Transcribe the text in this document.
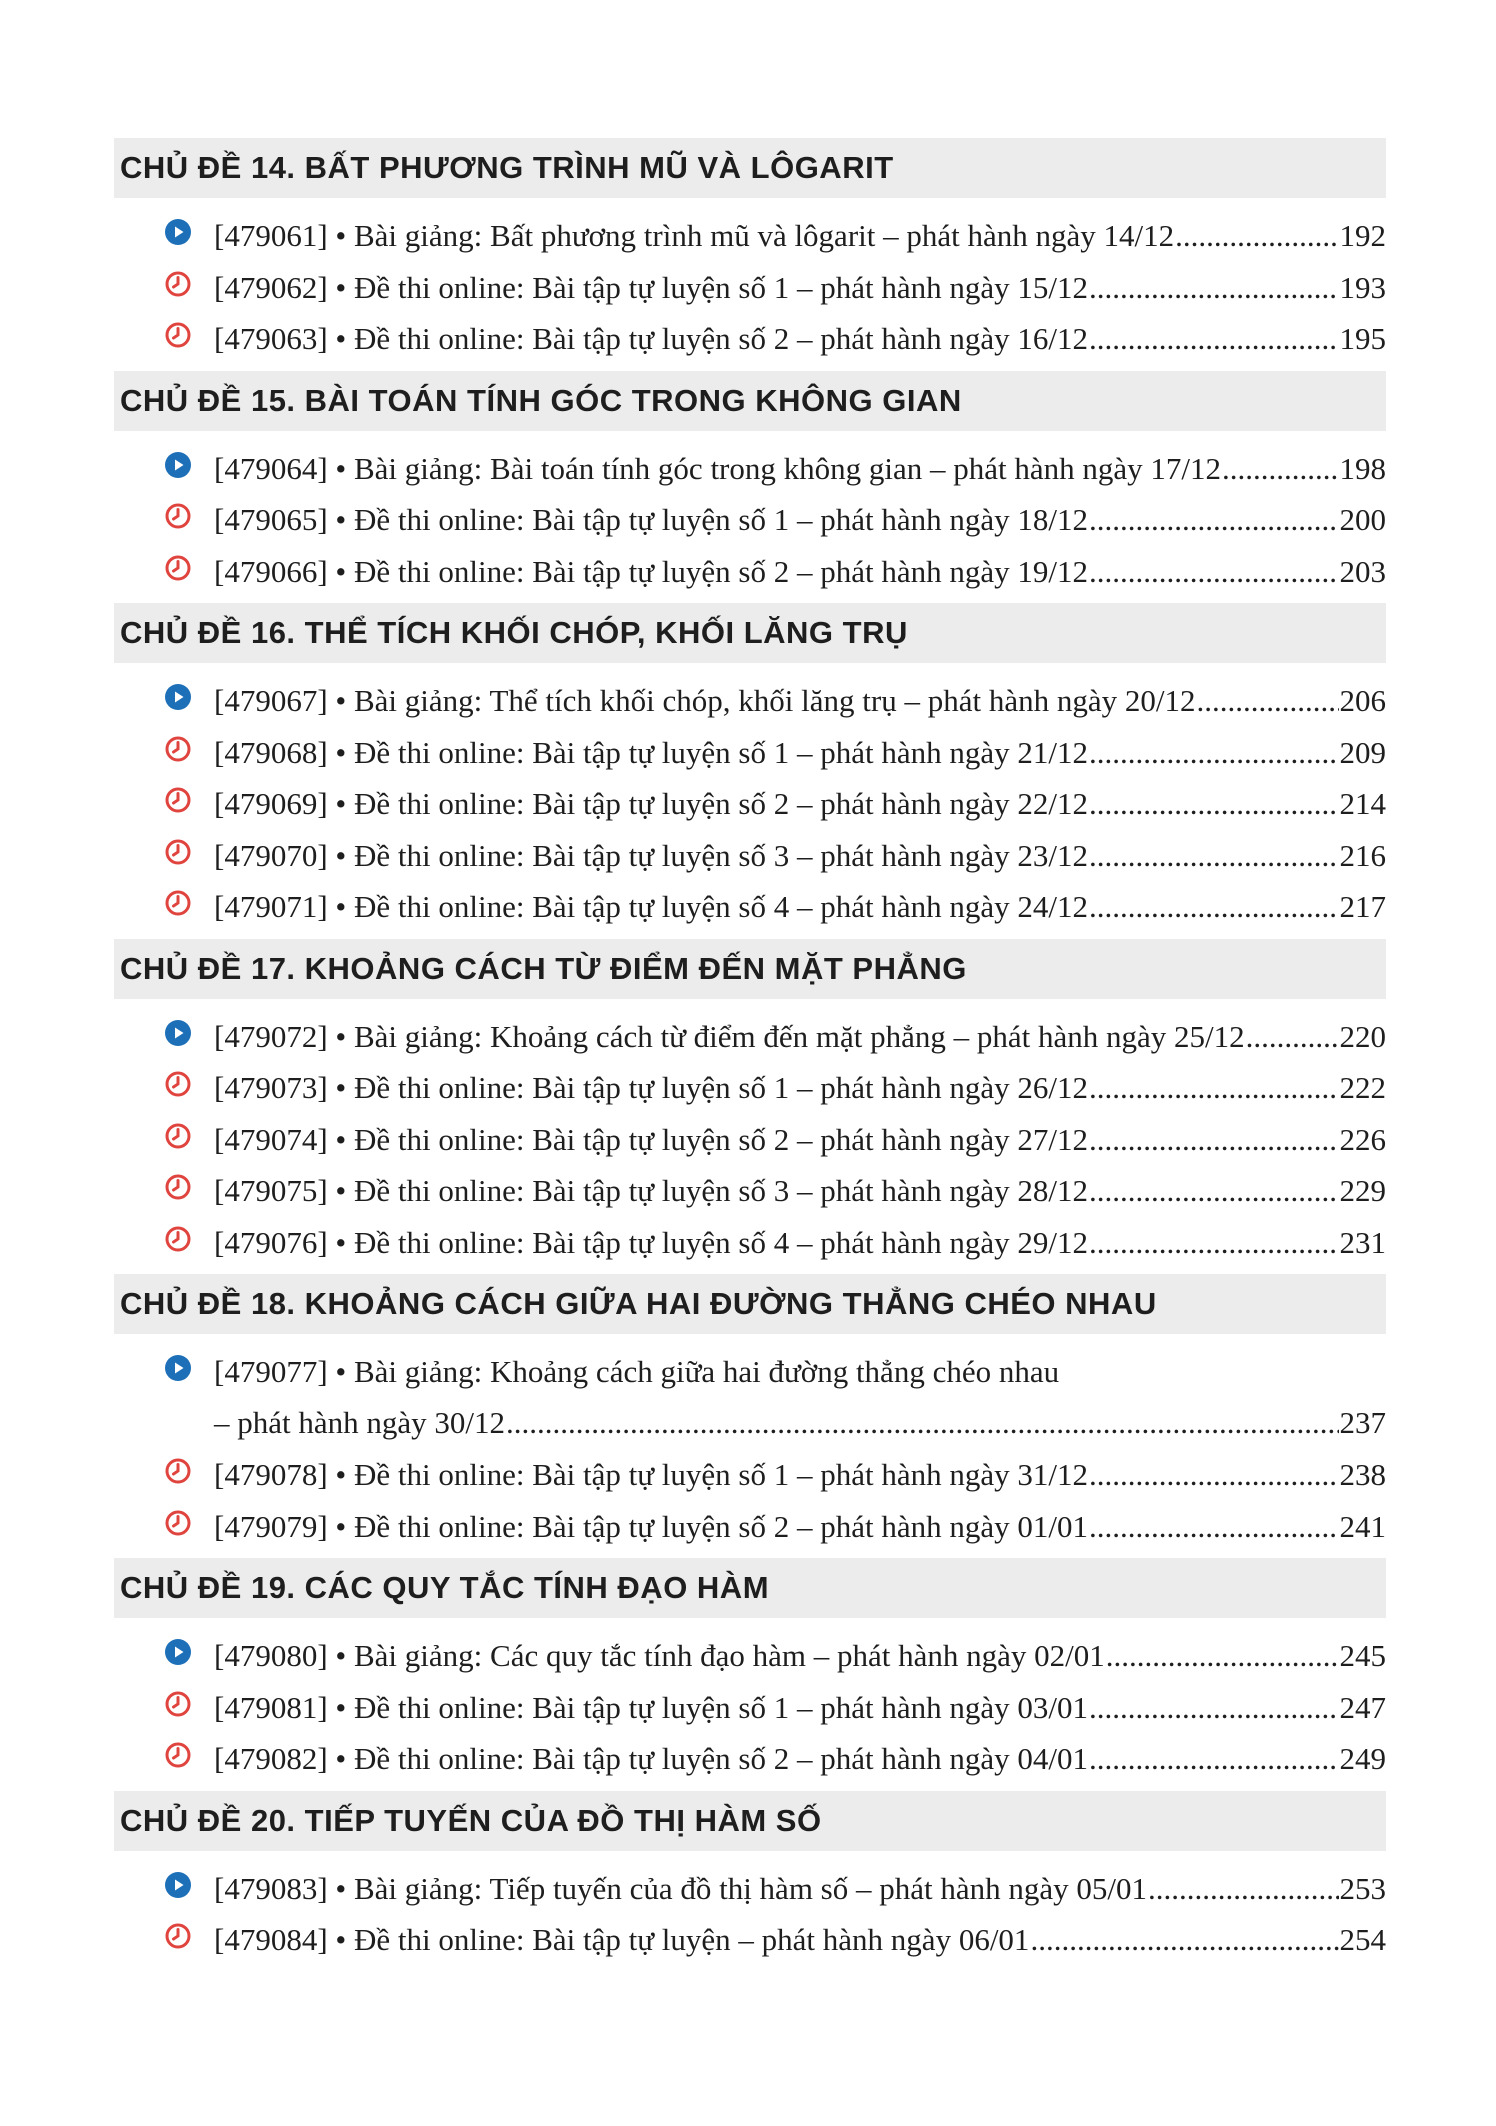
CHỦ ĐỀ 14. BẤT PHƯƠNG TRÌNH MŨ VÀ LÔGARIT
[479061] • Bài giảng: Bất phương trình mũ và lôgarit – phát hành ngày 14/12 .....	192
[479062] • Đề thi online: Bài tập tự luyện số 1 – phát hành ngày 15/12 .....	193
[479063] • Đề thi online: Bài tập tự luyện số 2 – phát hành ngày 16/12 .....	195
CHỦ ĐỀ 15. BÀI TOÁN TÍNH GÓC TRONG KHÔNG GIAN
[479064] • Bài giảng: Bài toán tính góc trong không gian – phát hành ngày 17/12 .....	198
[479065] • Đề thi online: Bài tập tự luyện số 1 – phát hành ngày 18/12 .....	200
[479066] • Đề thi online: Bài tập tự luyện số 2 – phát hành ngày 19/12 .....	203
CHỦ ĐỀ 16. THỂ TÍCH KHỐI CHÓP, KHỐI LĂNG TRỤ
[479067] • Bài giảng: Thể tích khối chóp, khối lăng trụ – phát hành ngày 20/12 .....	206
[479068] • Đề thi online: Bài tập tự luyện số 1 – phát hành ngày 21/12 .....	209
[479069] • Đề thi online: Bài tập tự luyện số 2 – phát hành ngày 22/12 .....	214
[479070] • Đề thi online: Bài tập tự luyện số 3 – phát hành ngày 23/12 .....	216
[479071] • Đề thi online: Bài tập tự luyện số 4 – phát hành ngày 24/12 .....	217
CHỦ ĐỀ 17. KHOẢNG CÁCH TỪ ĐIỂM ĐẾN MẶT PHẲNG
[479072] • Bài giảng: Khoảng cách từ điểm đến mặt phẳng – phát hành ngày 25/12 .....	220
[479073] • Đề thi online: Bài tập tự luyện số 1 – phát hành ngày 26/12 .....	222
[479074] • Đề thi online: Bài tập tự luyện số 2 – phát hành ngày 27/12 .....	226
[479075] • Đề thi online: Bài tập tự luyện số 3 – phát hành ngày 28/12 .....	229
[479076] • Đề thi online: Bài tập tự luyện số 4 – phát hành ngày 29/12 .....	231
CHỦ ĐỀ 18. KHOẢNG CÁCH GIỮA HAI ĐƯỜNG THẲNG CHÉO NHAU
[479077] • Bài giảng: Khoảng cách giữa hai đường thẳng chéo nhau
– phát hành ngày 30/12 .....	237
[479078] • Đề thi online: Bài tập tự luyện số 1 – phát hành ngày 31/12 .....	238
[479079] • Đề thi online: Bài tập tự luyện số 2 – phát hành ngày 01/01 .....	241
CHỦ ĐỀ 19. CÁC QUY TẮC TÍNH ĐẠO HÀM
[479080] • Bài giảng: Các quy tắc tính đạo hàm – phát hành ngày 02/01 .....	245
[479081] • Đề thi online: Bài tập tự luyện số 1 – phát hành ngày 03/01 .....	247
[479082] • Đề thi online: Bài tập tự luyện số 2 – phát hành ngày 04/01 .....	249
CHỦ ĐỀ 20. TIẾP TUYẾN CỦA ĐỒ THỊ HÀM SỐ
[479083] • Bài giảng: Tiếp tuyến của đồ thị hàm số – phát hành ngày 05/01 .....	253
[479084] • Đề thi online: Bài tập tự luyện – phát hành ngày 06/01 .....	254
